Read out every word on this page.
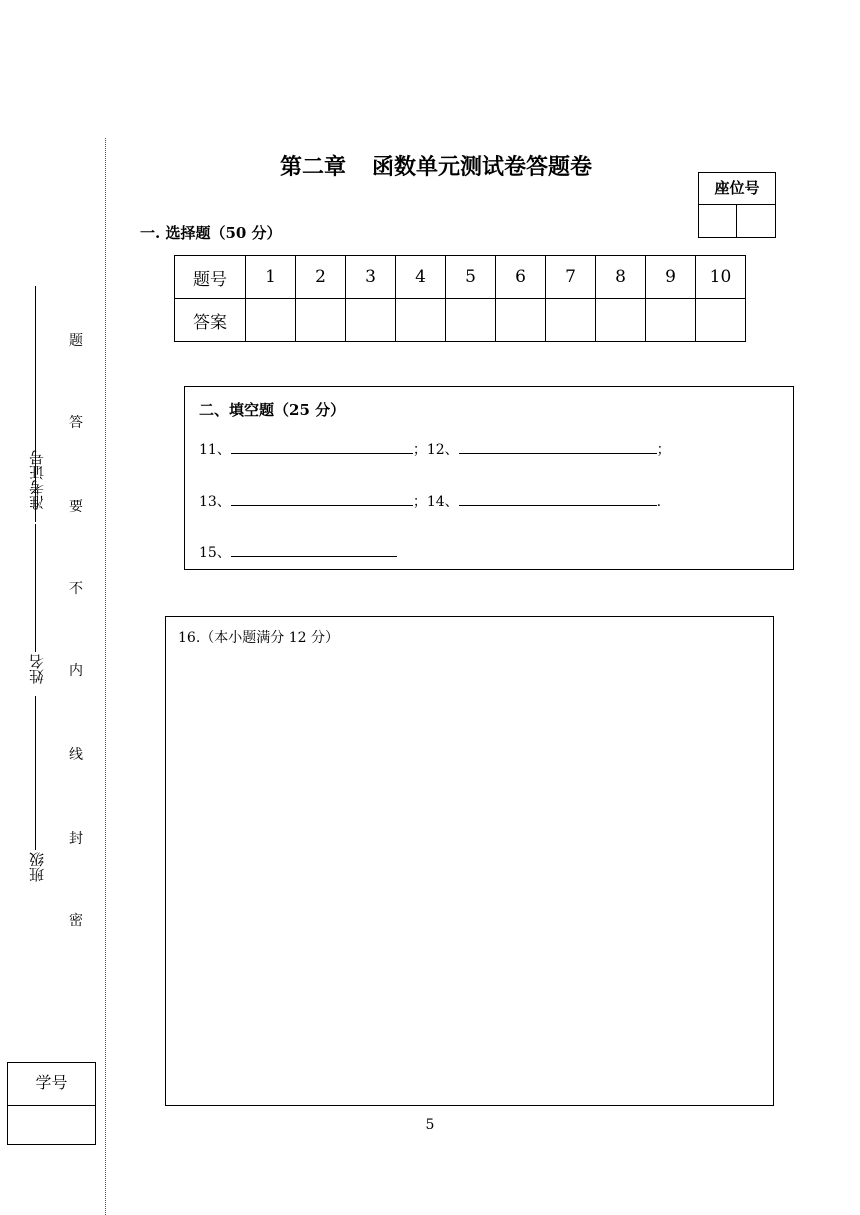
准考证号
姓名
班级
题
答
要
不
内
线
封
密
第二章 函数单元测试卷答题卷
座位号
一. 选择题（50 分）
题号	1	2	3	4	5	6	7	8	9	10
答案										
二、填空题（25 分）
11、	；12、	；
13、	；14、	.
15、
16.（本小题满分 12 分）
5
学号
